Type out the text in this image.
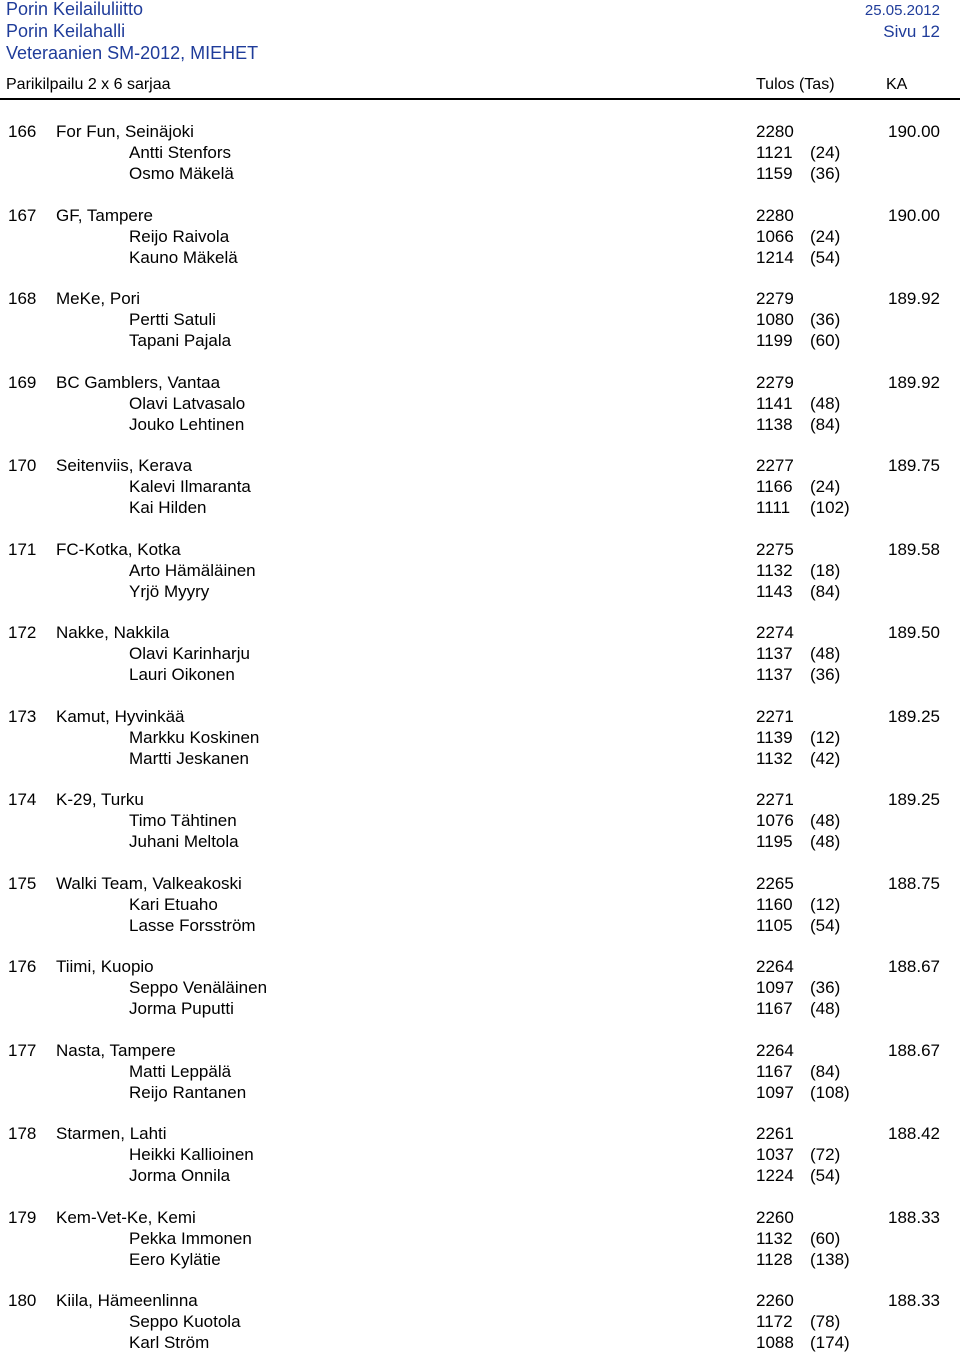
Porin Keilailuliitto
Porin Keilahalli
Veteraanien SM-2012, MIEHET
25.05.2012
Sivu 12
Parikilpailu 2 x 6 sarjaa	Tulos (Tas)	KA
166 For Fun, Seinäjoki	2280	190.00
Antti Stenfors	1121 (24)
Osmo Mäkelä	1159 (36)
167 GF, Tampere	2280	190.00
Reijo Raivola	1066 (24)
Kauno Mäkelä	1214 (54)
168 MeKe, Pori	2279	189.92
Pertti Satuli	1080 (36)
Tapani Pajala	1199 (60)
169 BC Gamblers, Vantaa	2279	189.92
Olavi Latvasalo	1141 (48)
Jouko Lehtinen	1138 (84)
170 Seitenviis, Kerava	2277	189.75
Kalevi Ilmaranta	1166 (24)
Kai Hilden	1111 (102)
171 FC-Kotka, Kotka	2275	189.58
Arto Hämäläinen	1132 (18)
Yrjö Myyry	1143 (84)
172 Nakke, Nakkila	2274	189.50
Olavi Karinharju	1137 (48)
Lauri Oikonen	1137 (36)
173 Kamut, Hyvinkää	2271	189.25
Markku Koskinen	1139 (12)
Martti Jeskanen	1132 (42)
174 K-29, Turku	2271	189.25
Timo Tähtinen	1076 (48)
Juhani Meltola	1195 (48)
175 Walki Team, Valkeakoski	2265	188.75
Kari Etuaho	1160 (12)
Lasse Forsström	1105 (54)
176 Tiimi, Kuopio	2264	188.67
Seppo Venäläinen	1097 (36)
Jorma Puputti	1167 (48)
177 Nasta, Tampere	2264	188.67
Matti Leppälä	1167 (84)
Reijo Rantanen	1097 (108)
178 Starmen, Lahti	2261	188.42
Heikki Kallioinen	1037 (72)
Jorma Onnila	1224 (54)
179 Kem-Vet-Ke, Kemi	2260	188.33
Pekka Immonen	1132 (60)
Eero Kylätie	1128 (138)
180 Kiila, Hämeenlinna	2260	188.33
Seppo Kuotola	1172 (78)
Karl Ström	1088 (174)
